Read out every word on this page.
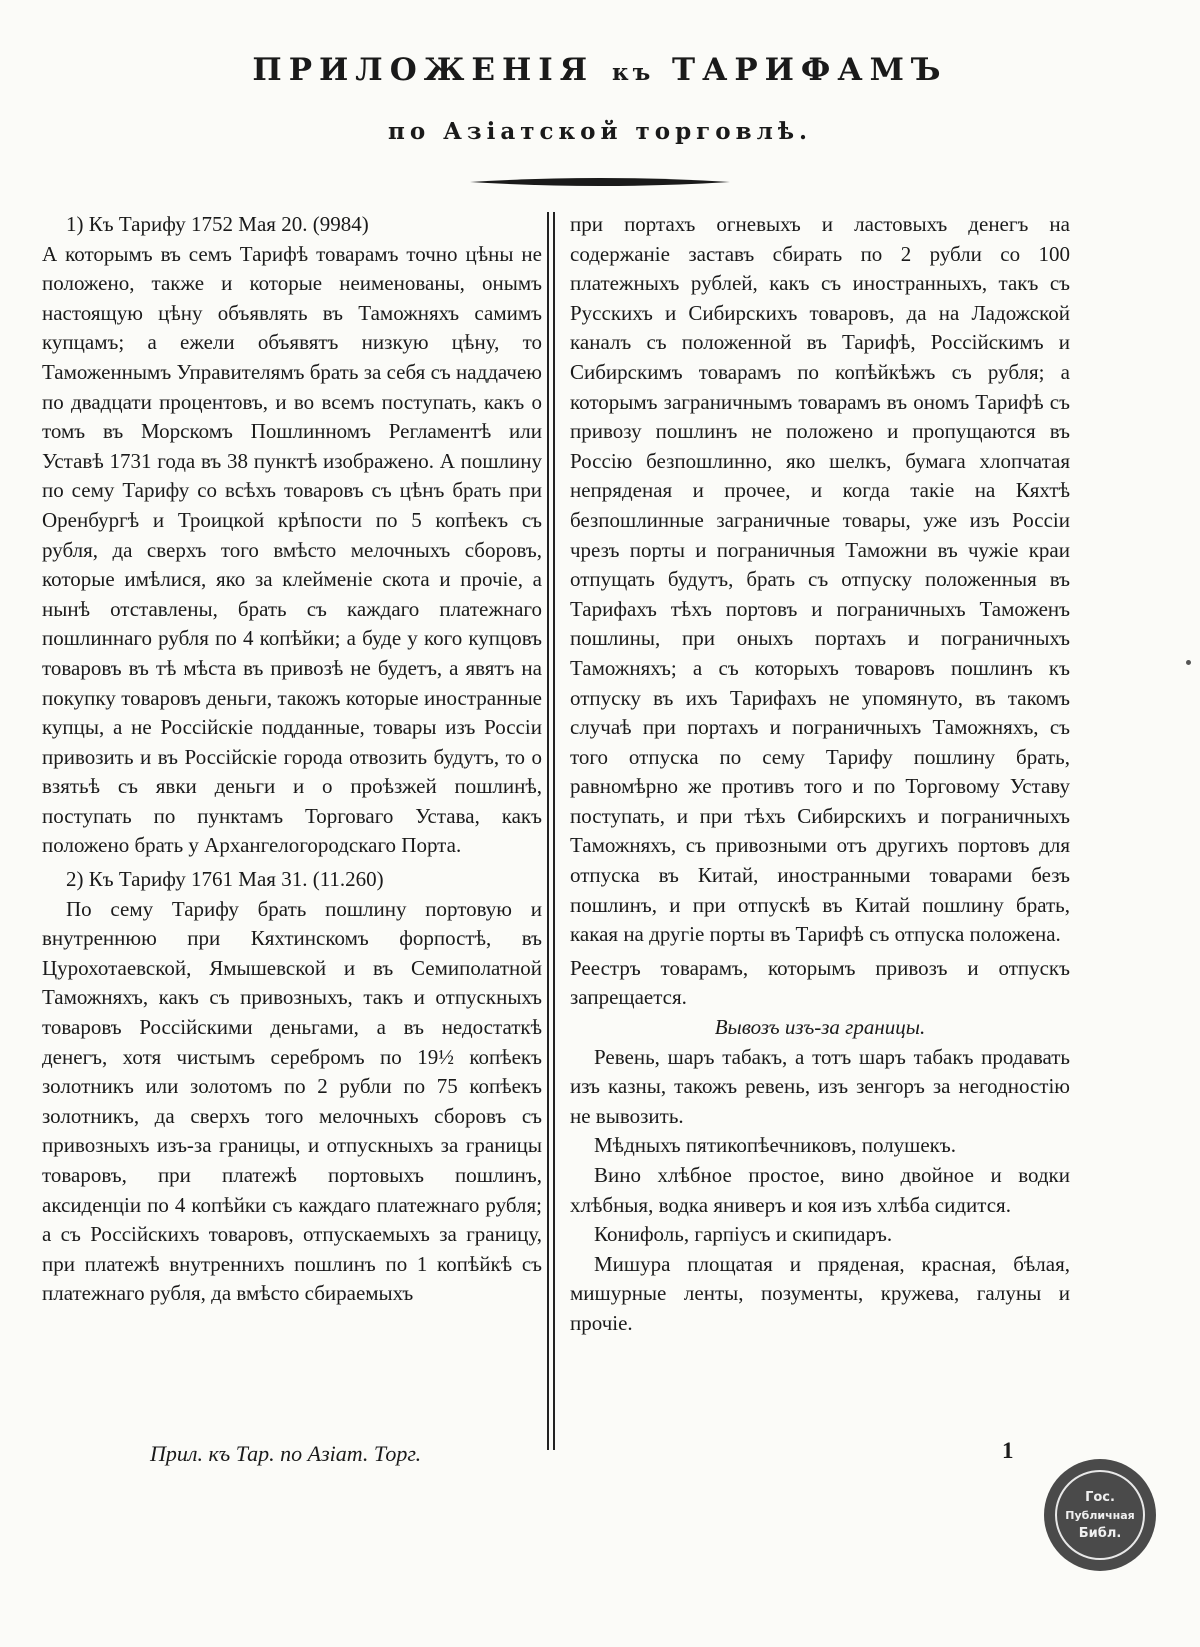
ПРИЛОЖЕНІЯ къ ТАРИФАМЪ
по Азіатской торговлѣ.

1) Къ Тарифу 1752 Мая 20. (9984)

А которымъ въ семъ Тарифѣ товарамъ точно цѣны не положено, также и которые неименованы, онымъ настоящую цѣну объявлять въ Таможняхъ самимъ купцамъ; а ежели объявятъ низкую цѣну, то Таможеннымъ Управителямъ брать за себя съ наддачею по двадцати процентовъ, и во всемъ поступать, какъ о томъ въ Морскомъ Пошлинномъ Регламентѣ или Уставѣ 1731 года въ 38 пунктѣ изображено. А пошлину по сему Тарифу со всѣхъ товаровъ съ цѣнъ брать при Оренбургѣ и Троицкой крѣпости по 5 копѣекъ съ рубля, да сверхъ того вмѣсто мелочныхъ сборовъ, которые имѣлися, яко за клейменіе скота и прочіе, а нынѣ отставлены, брать съ каждаго платежнаго пошлиннаго рубля по 4 копѣйки; а буде у кого купцовъ товаровъ въ тѣ мѣста въ привозѣ не будетъ, а явятъ на покупку товаровъ деньги, такожъ которые иностранные купцы, а не Россійскіе подданные, товары изъ Россіи привозить и въ Россійскіе города отвозить будутъ, то о взятьѣ съ явки деньги и о проѣзжей пошлинѣ, поступать по пунктамъ Торговаго Устава, какъ положено брать у Архангелогородскаго Порта.

2) Къ Тарифу 1761 Мая 31. (11.260)

По сему Тарифу брать пошлину портовую и внутреннюю при Кяхтинскомъ форпостѣ, въ Цурохотаевской, Ямышевской и въ Семиполатной Таможняхъ, какъ съ привозныхъ, такъ и отпускныхъ товаровъ Россійскими деньгами, а въ недостаткѣ денегъ, хотя чистымъ серебромъ по 19½ копѣекъ золотникъ или золотомъ по 2 рубли по 75 копѣекъ золотникъ, да сверхъ того мелочныхъ сборовъ съ привозныхъ изъ-за границы, и отпускныхъ за границы товаровъ, при платежѣ портовыхъ пошлинъ, аксиденціи по 4 копѣйки съ каждаго платежнаго рубля; а съ Россійскихъ товаровъ, отпускаемыхъ за границу, при платежѣ внутреннихъ пошлинъ по 1 копѣйкѣ съ платежнаго рубля, да вмѣсто сбираемыхъ

при портахъ огневыхъ и ластовыхъ денегъ на содержаніе заставъ сбирать по 2 рубли со 100 платежныхъ рублей, какъ съ иностранныхъ, такъ съ Русскихъ и Сибирскихъ товаровъ, да на Ладожской каналъ съ положенной въ Тарифѣ, Россійскимъ и Сибирскимъ товарамъ по копѣйкѣжъ съ рубля; а которымъ заграничнымъ товарамъ въ ономъ Тарифѣ съ привозу пошлинъ не положено и пропущаются въ Россію безпошлинно, яко шелкъ, бумага хлопчатая непряденая и прочее, и когда такіе на Кяхтѣ безпошлинные заграничные товары, уже изъ Россіи чрезъ порты и пограничныя Таможни въ чужіе краи отпущать будутъ, брать съ отпуску положенныя въ Тарифахъ тѣхъ портовъ и пограничныхъ Таможенъ пошлины, при оныхъ портахъ и пограничныхъ Таможняхъ; а съ которыхъ товаровъ пошлинъ къ отпуску въ ихъ Тарифахъ не упомянуто, въ такомъ случаѣ при портахъ и пограничныхъ Таможняхъ, съ того отпуска по сему Тарифу пошлину брать, равномѣрно же противъ того и по Торговому Уставу поступать, и при тѣхъ Сибирскихъ и пограничныхъ Таможняхъ, съ привозными отъ другихъ портовъ для отпуска въ Китай, иностранными товарами безъ пошлинъ, и при отпускѣ въ Китай пошлину брать, какая на другіе порты въ Тарифѣ съ отпуска положена.

Реестръ товарамъ, которымъ привозъ и отпускъ запрещается.

Вывозъ изъ-за границы.

Ревень, шаръ табакъ, а тотъ шаръ табакъ продавать изъ казны, такожъ ревень, изъ зенгоръ за негодностію не вывозить.

Мѣдныхъ пятикопѣечниковъ, полушекъ.

Вино хлѣбное простое, вино двойное и водки хлѣбныя, водка яниверъ и коя изъ хлѣба сидится.

Конифоль, гарпіусъ и скипидаръ.

Мишура площатая и пряденая, красная, бѣлая, мишурные ленты, позументы, кружева, галуны и прочіе.

Прил. къ Тар. по Азіат. Торг.	1

Гос.
Публичная
Библ.
